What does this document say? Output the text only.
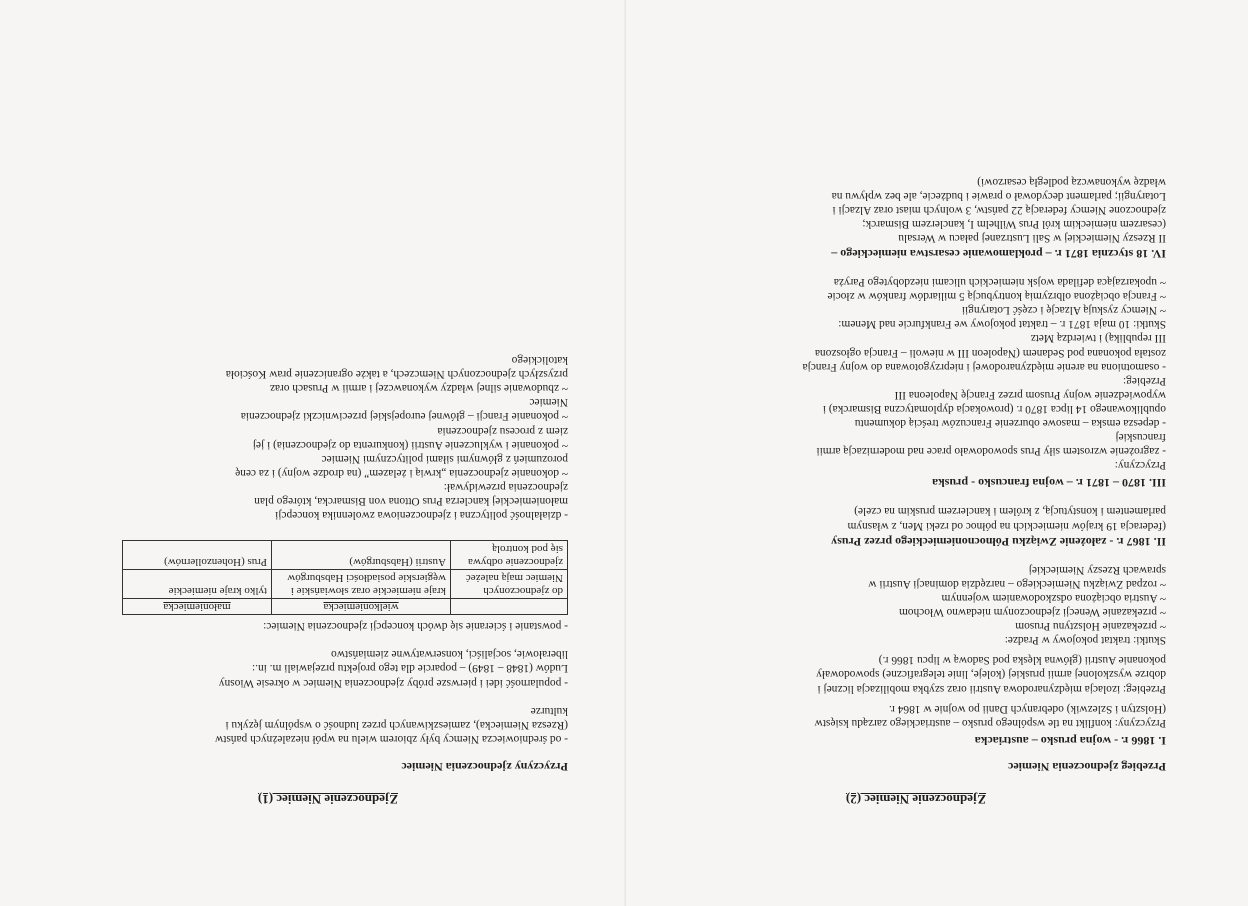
Zjednoczenie Niemiec (2)
Przebieg zjednoczenia Niemiec
I. 1866 r. - wojna prusko – austriacka
Przyczyny: konflikt na tle wspólnego prusko – austriackiego zarządu księstw
(Holsztyn i Szlezwik) odebranych Danii po wojnie w 1864 r.
Przebieg: izolacja międzynarodowa Austrii oraz szybka mobilizacja licznej i
dobrze wyszkolonej armii pruskiej (koleje, linie telegraficzne) spowodowały
pokonanie Austrii (główna klęska pod Sadową w lipcu 1866 r.)
Skutki: traktat pokojowy w Pradze:
~ przekazanie Holsztynu Prusom
~ przekazanie Wenecji zjednoczonym niedawno Włochom
~ Austria obciążona odszkodowaniem wojennym
~ rozpad Związku Niemieckiego – narzędzia dominacji Austrii w
sprawach Rzeszy Niemieckiej
II. 1867 r. - założenie Związku Północnoniemieckiego przez Prusy
(federacja 19 krajów niemieckich na północ od rzeki Men, z własnym
parlamentem i konstytucją, z królem i kanclerzem pruskim na czele)
III. 1870 – 1871 r. – wojna francusko - pruska
Przyczyny:
- zagrożenie wzrostem siły Prus spowodowało prace nad modernizacją armii
francuskiej
- depesza emska – masowe oburzenie Francuzów treścią dokumentu
opublikowanego 14 lipca 1870 r. (prowokacja dyplomatyczna Bismarcka) i
wypowiedzenie wojny Prusom przez Francję Napoleona III
Przebieg:
- osamotniona na arenie międzynarodowej i nieprzygotowana do wojny Francja
została pokonana pod Sedanem (Napoleon III w niewoli – Francja ogłoszona
III republiką) i twierdzą Metz
Skutki: 10 maja 1871 r. – traktat pokojowy we Frankfurcie nad Menem:
~ Niemcy zyskują Alzację i część Lotaryngii
~ Francja obciążona olbrzymią kontrybucją 5 miliardów franków w złocie
~ upokarzająca defilada wojsk niemieckich ulicami niezdobytego Paryża
IV. 18 stycznia 1871 r. – proklamowanie cesarstwa niemieckiego –
II Rzeszy Niemieckiej w Sali Lustrzanej pałacu w Wersalu
(cesarzem niemieckim król Prus Wilhelm I, kanclerzem Bismarck;
zjednoczone Niemcy federacją 22 państw, 3 wolnych miast oraz Alzacji i
Lotaryngii; parlament decydował o prawie i budżecie, ale bez wpływu na
władzę wykonawczą podległą cesarzowi)
Zjednoczenie Niemiec (1)
Przyczyny zjednoczenia Niemiec
- od średniowiecza Niemcy były zbiorem wielu na wpół niezależnych państw
(Rzesza Niemiecka), zamieszkiwanych przez ludność o wspólnym języku i
kulturze
- popularność idei i pierwsze próby zjednoczenia Niemiec w okresie Wiosny
Ludów (1848 – 1849) – poparcie dla tego projektu przejawiali m. in.:
liberałowie, socjaliści, konserwatywne ziemiaństwo
- powstanie i ścieranie się dwóch koncepcji zjednoczenia Niemiec:
	wielkoniemiecka	małoniemiecka
do zjednoczonych Niemiec mają należeć	kraje niemieckie oraz słowiańskie i węgierskie posiadłości Habsburgów	tylko kraje niemieckie
zjednoczenie odbywa się pod kontrolą	Austrii (Habsburgów)	Prus (Hohenzollernów)
- działalność polityczna i zjednoczeniowa zwolennika koncepcji
małoniemieckiej kanclerza Prus Ottona von Bismarcka, którego plan
zjednoczenia przewidywał:
~ dokonanie zjednoczenia „krwią i żelazem” (na drodze wojny) i za cenę
porozumień z głównymi siłami politycznymi Niemiec
~ pokonanie i wykluczenie Austrii (konkurenta do zjednoczenia) i jej
ziem z procesu zjednoczenia
~ pokonanie Francji – głównej europejskiej przeciwniczki zjednoczenia
Niemiec
~ zbudowanie silnej władzy wykonawczej i armii w Prusach oraz
przyszłych zjednoczonych Niemczech, a także ograniczenie praw Kościoła
katolickiego
